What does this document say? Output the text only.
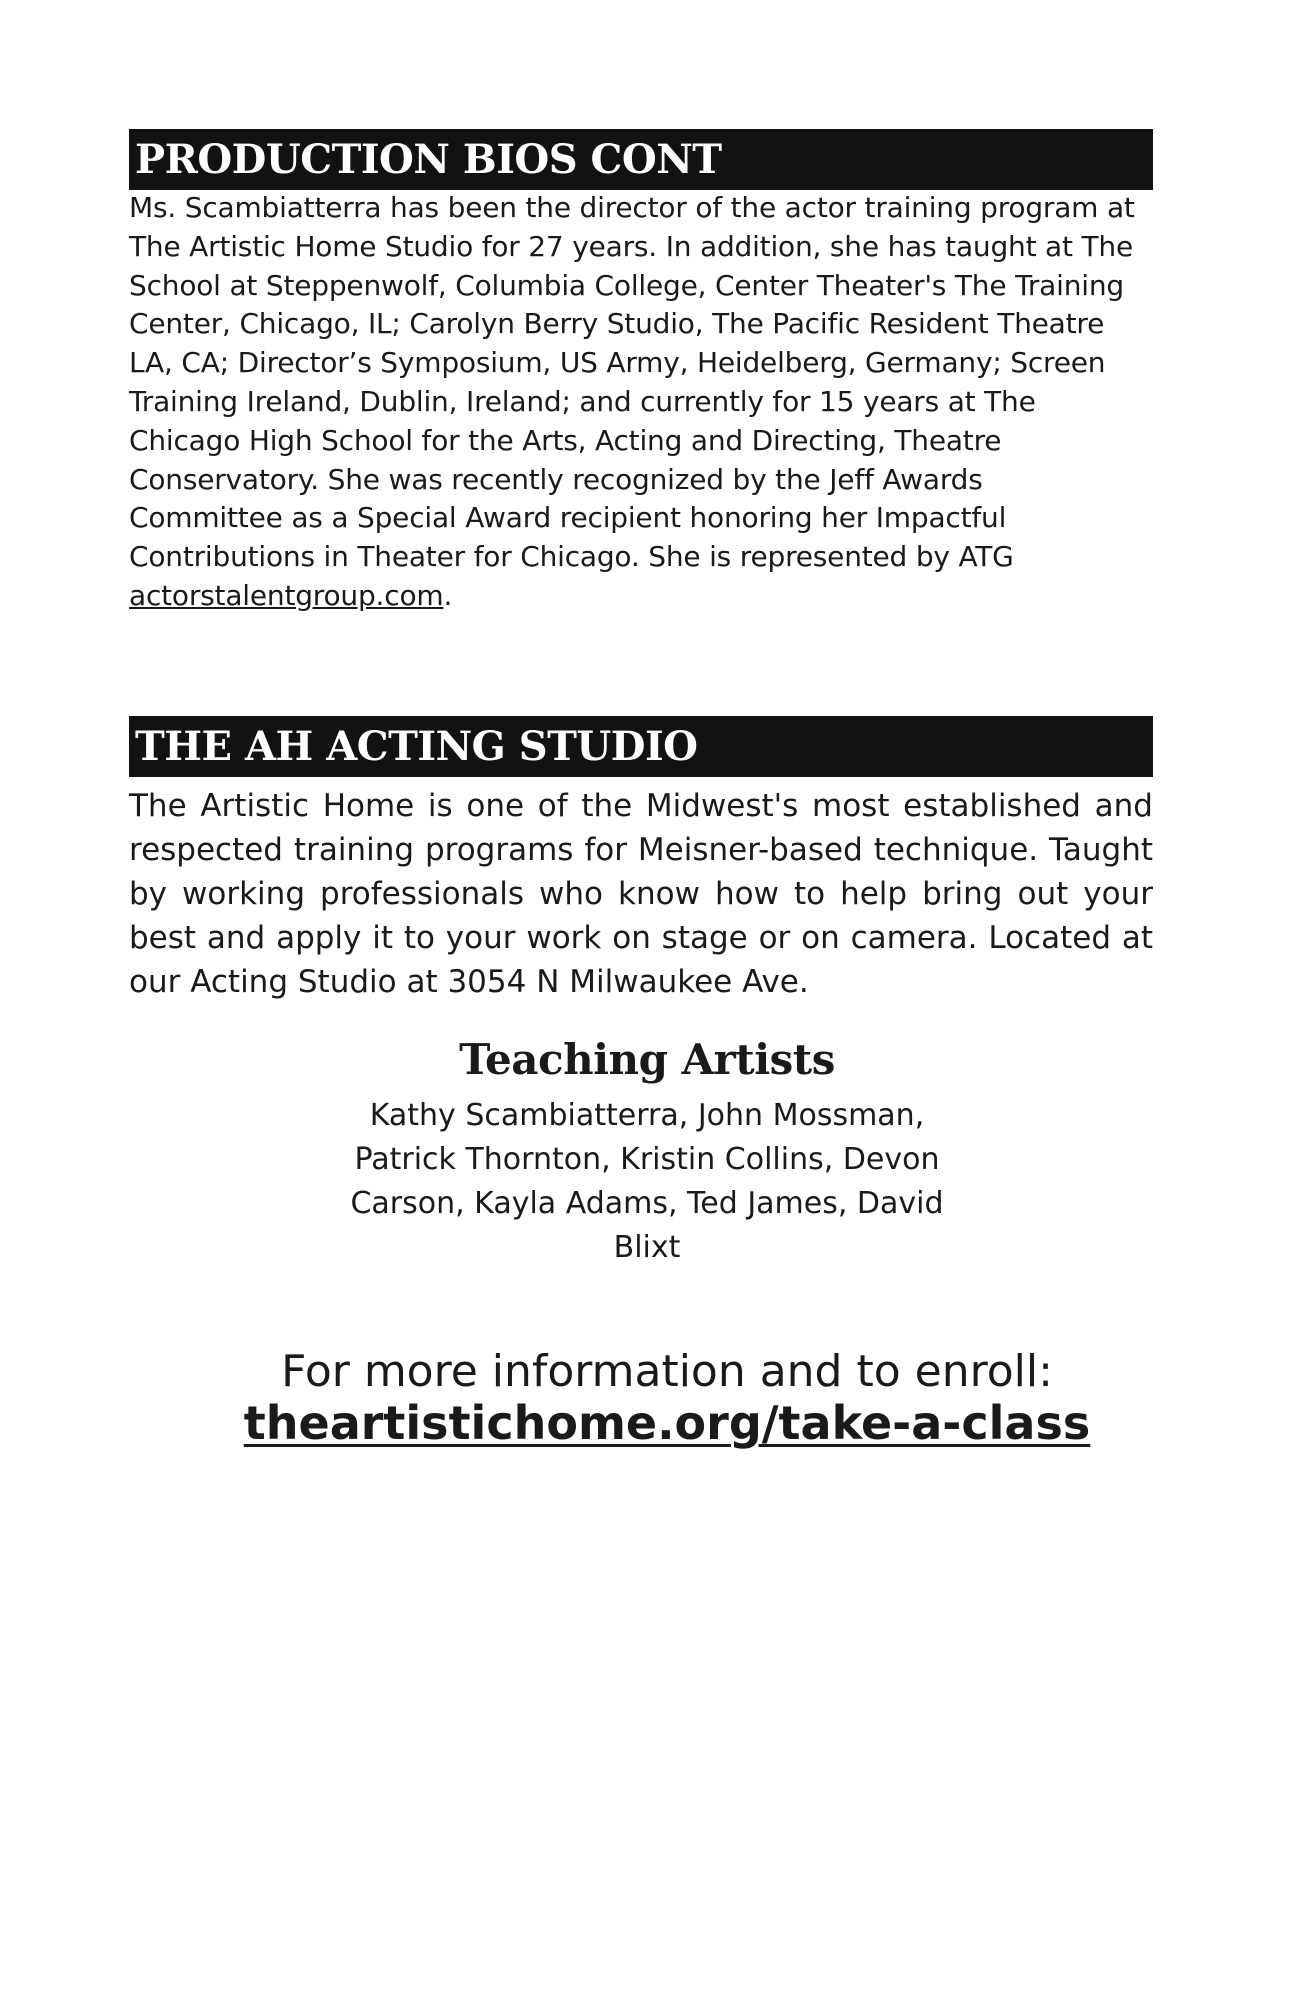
PRODUCTION BIOS CONT
Ms. Scambiatterra has been the director of the actor training program at
The Artistic Home Studio for 27 years. In addition, she has taught at The
School at Steppenwolf, Columbia College, Center Theater's The Training
Center, Chicago, IL; Carolyn Berry Studio, The Pacific Resident Theatre
LA, CA; Director’s Symposium, US Army, Heidelberg, Germany; Screen
Training Ireland, Dublin, Ireland; and currently for 15 years at The
Chicago High School for the Arts, Acting and Directing, Theatre
Conservatory. She was recently recognized by the Jeff Awards
Committee as a Special Award recipient honoring her Impactful
Contributions in Theater for Chicago. She is represented by ATG
actorstalentgroup.com.
THE AH ACTING STUDIO
The Artistic Home is one of the Midwest's most established and
respected training programs for Meisner-based technique. Taught
by working professionals who know how to help bring out your
best and apply it to your work on stage or on camera. Located at
our Acting Studio at 3054 N Milwaukee Ave.
Teaching Artists
Kathy Scambiatterra, John Mossman,
Patrick Thornton, Kristin Collins, Devon
Carson, Kayla Adams, Ted James, David
Blixt
For more information and to enroll:
theartistichome.org/take-a-class
